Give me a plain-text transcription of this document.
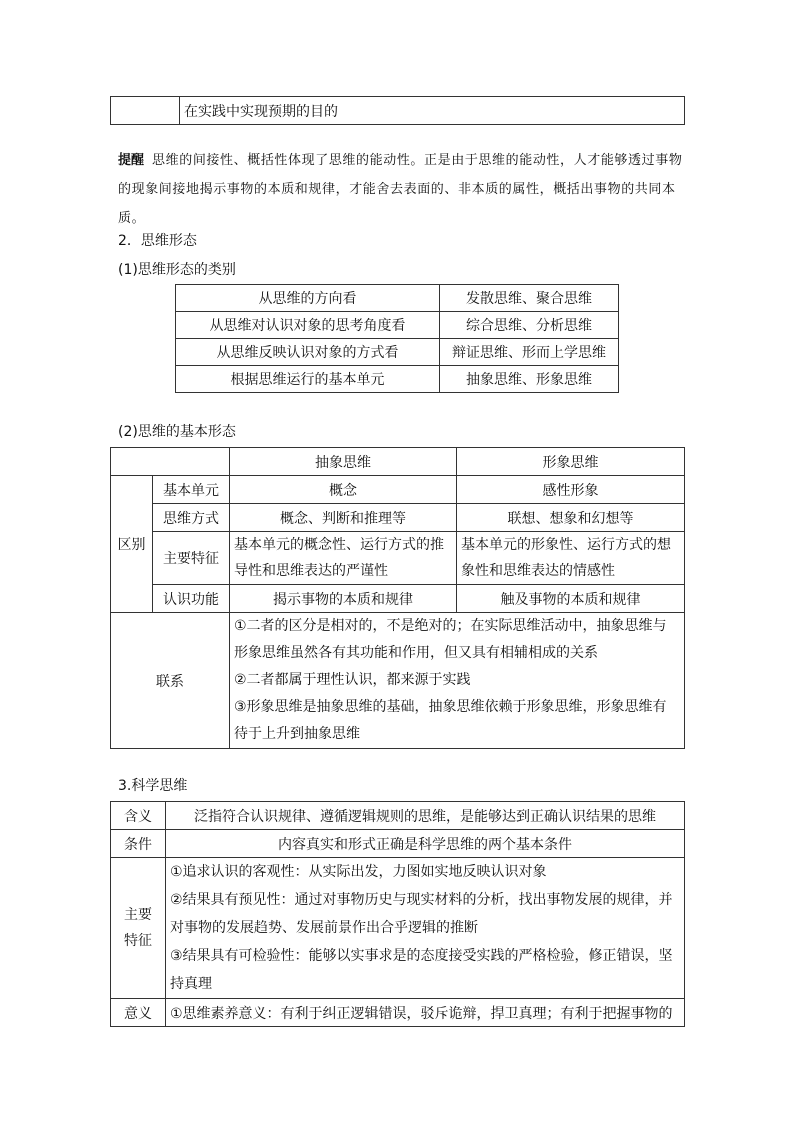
	在实践中实现预期的目的
提醒 思维的间接性、概括性体现了思维的能动性。正是由于思维的能动性，人才能够透过事物的现象间接地揭示事物的本质和规律，才能舍去表面的、非本质的属性，概括出事物的共同本质。
2．思维形态
(1)思维形态的类别
从思维的方向看	发散思维、聚合思维
从思维对认识对象的思考角度看	综合思维、分析思维
从思维反映认识对象的方式看	辩证思维、形而上学思维
根据思维运行的基本单元	抽象思维、形象思维
(2)思维的基本形态
		抽象思维	形象思维
区别	基本单元	概念	感性形象
	思维方式	概念、判断和推理等	联想、想象和幻想等
	主要特征	基本单元的概念性、运行方式的推导性和思维表达的严谨性	基本单元的形象性、运行方式的想象性和思维表达的情感性
	认识功能	揭示事物的本质和规律	触及事物的本质和规律
联系		①二者的区分是相对的，不是绝对的；在实际思维活动中，抽象思维与形象思维虽然各有其功能和作用，但又具有相辅相成的关系
②二者都属于理性认识，都来源于实践
③形象思维是抽象思维的基础，抽象思维依赖于形象思维，形象思维有待于上升到抽象思维	
3.科学思维
含义	泛指符合认识规律、遵循逻辑规则的思维，是能够达到正确认识结果的思维
条件	内容真实和形式正确是科学思维的两个基本条件

主要特征	①追求认识的客观性：从实际出发，力图如实地反映认识对象
②结果具有预见性：通过对事物历史与现实材料的分析，找出事物发展的规律，并对事物的发展趋势、发展前景作出合乎逻辑的推断
③结果具有可检验性：能够以实事求是的态度接受实践的严格检验，修正错误，坚持真理

意义	①思维素养意义：有利于纠正逻辑错误，驳斥诡辩，捍卫真理；有利于把握事物的
